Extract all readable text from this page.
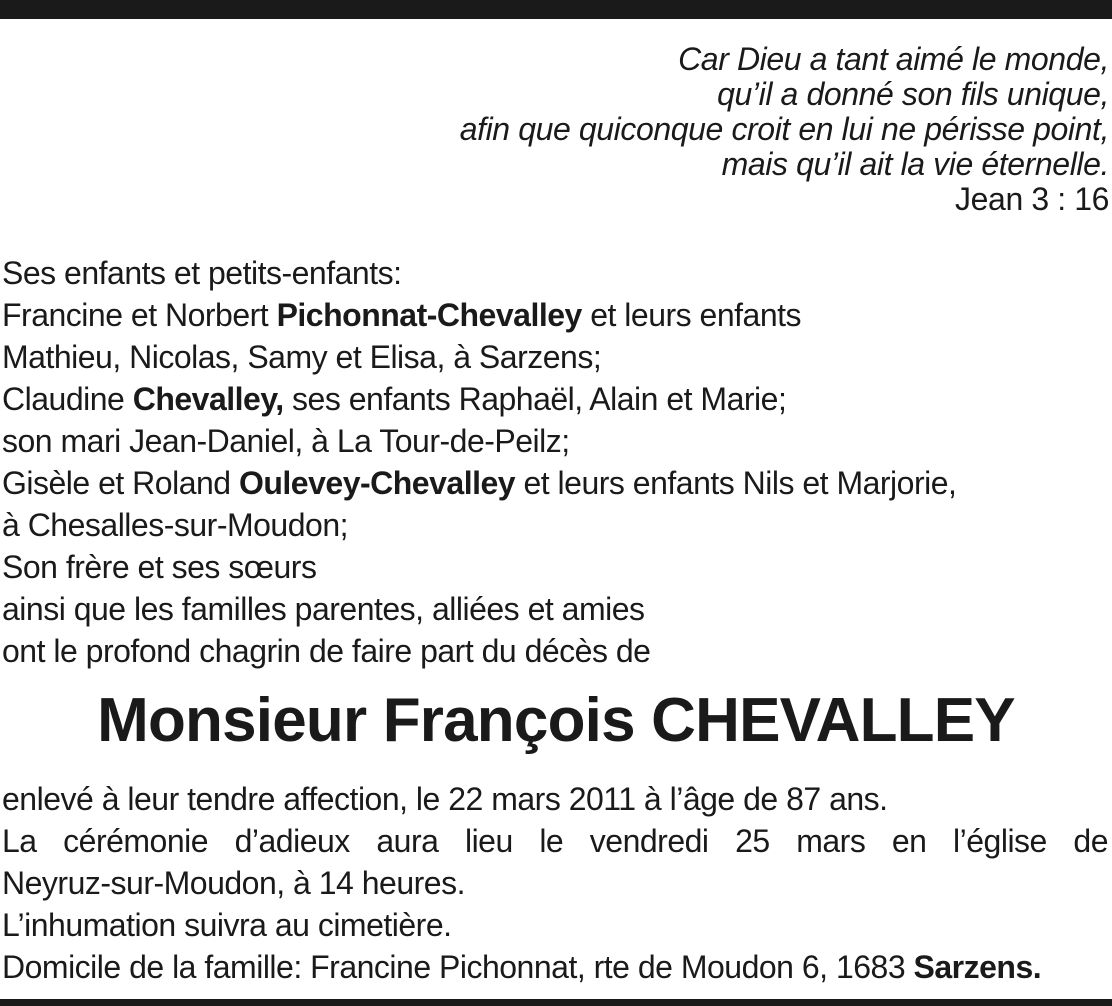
Car Dieu a tant aimé le monde,
qu’il a donné son fils unique,
afin que quiconque croit en lui ne périsse point,
mais qu’il ait la vie éternelle.
Jean 3 : 16
Ses enfants et petits-enfants:
Francine et Norbert Pichonnat-Chevalley et leurs enfants
Mathieu, Nicolas, Samy et Elisa, à Sarzens;
Claudine Chevalley, ses enfants Raphaël, Alain et Marie;
son mari Jean-Daniel, à La Tour-de-Peilz;
Gisèle et Roland Oulevey-Chevalley et leurs enfants Nils et Marjorie,
à Chesalles-sur-Moudon;
Son frère et ses sœurs
ainsi que les familles parentes, alliées et amies
ont le profond chagrin de faire part du décès de
Monsieur François CHEVALLEY
enlevé à leur tendre affection, le 22 mars 2011 à l’âge de 87 ans.
La cérémonie d’adieux aura lieu le vendredi 25 mars en l’église de
Neyruz-sur-Moudon, à 14 heures.
L’inhumation suivra au cimetière.
Domicile de la famille: Francine Pichonnat, rte de Moudon 6, 1683 Sarzens.
